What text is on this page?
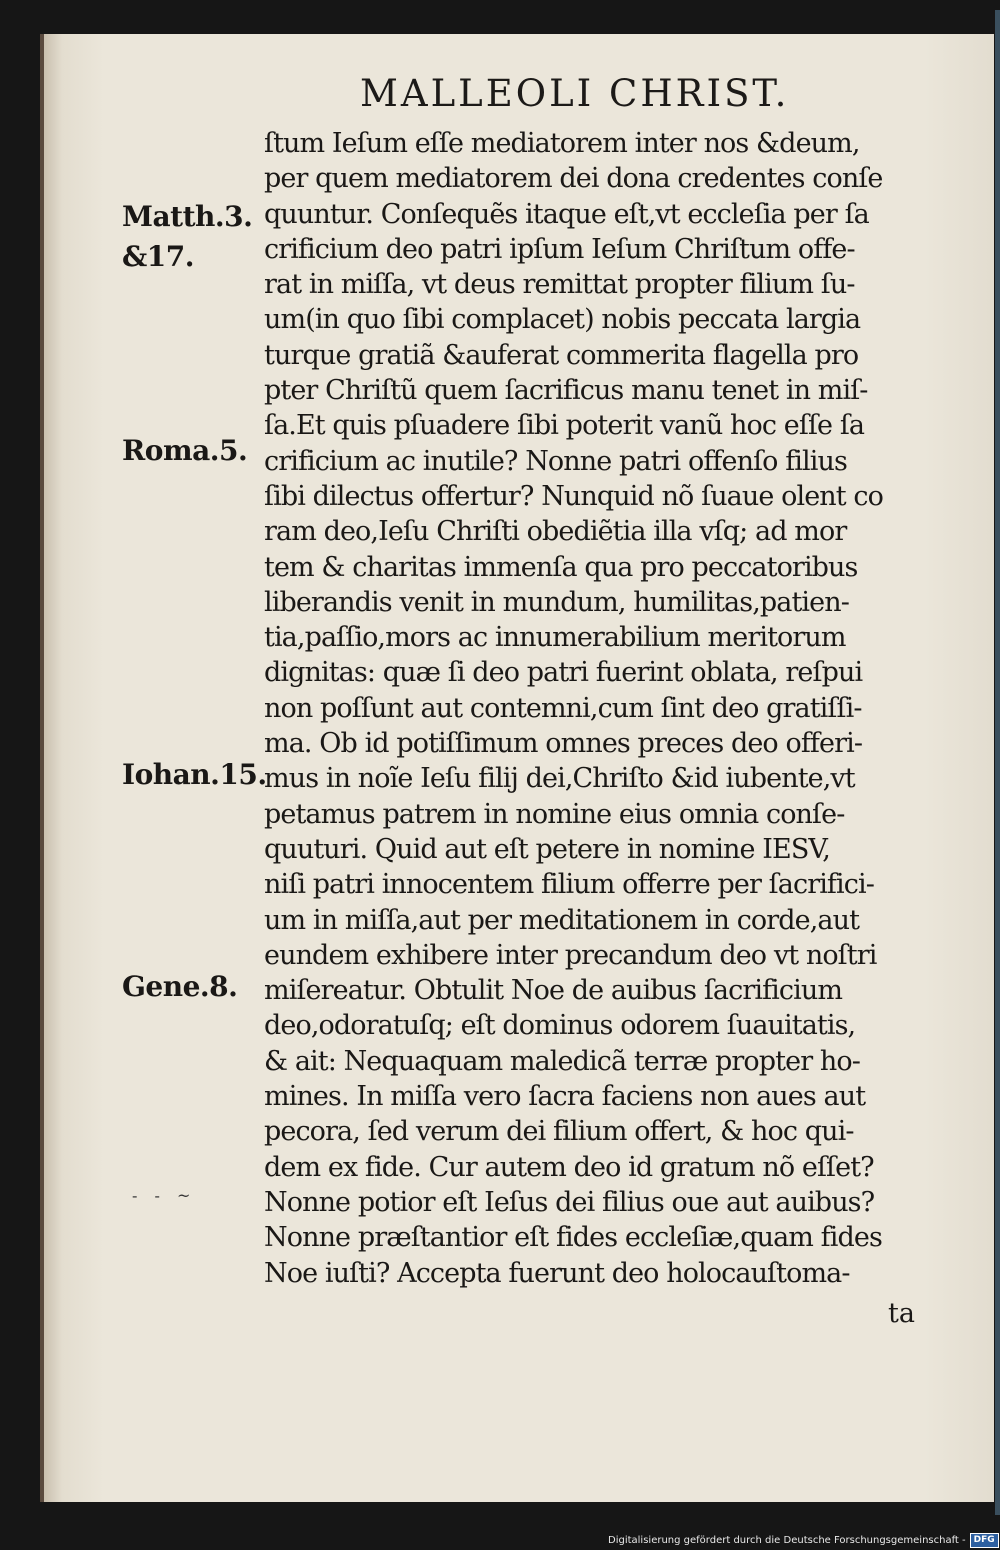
MALLEOLI CHRIST.
ſtum Ieſum eſſe mediatorem inter nos &deum,
per quem mediatorem dei dona credentes conſe
quuntur. Conſequẽs itaque eſt,vt eccleſia per ſa
crificium deo patri ipſum Ieſum Chriſtum offe-
rat in miſſa, vt deus remittat propter filium ſu-
um(in quo ſibi complacet) nobis peccata largia
turque gratiã &auferat commerita flagella pro
pter Chriſtũ quem ſacrificus manu tenet in miſ-
ſa.Et quis pſuadere ſibi poterit vanũ hoc eſſe ſa
crificium ac inutile? Nonne patri offenſo filius
ſibi dilectus offertur? Nunquid nõ ſuaue olent co
ram deo,Ieſu Chriſti obediẽtia illa vſq; ad mor
tem & charitas immenſa qua pro peccatoribus
liberandis venit in mundum, humilitas,patien-
tia,paſſio,mors ac innumerabilium meritorum
dignitas: quæ ſi deo patri fuerint oblata, reſpui
non poſſunt aut contemni,cum ſint deo gratiſſi-
ma. Ob id potiſſimum omnes preces deo offeri-
mus in noĩe Ieſu filij dei,Chriſto &id iubente,vt
petamus patrem in nomine eius omnia conſe-
quuturi. Quid aut eſt petere in nomine IESV,
niſi patri innocentem filium offerre per ſacrifici-
um in miſſa,aut per meditationem in corde,aut
eundem exhibere inter precandum deo vt noſtri
miſereatur. Obtulit Noe de auibus ſacrificium
deo,odoratuſq; eſt dominus odorem ſuauitatis,
& ait: Nequaquam maledicã terræ propter ho-
mines. In miſſa vero ſacra faciens non aues aut
pecora, ſed verum dei filium offert, & hoc qui-
dem ex fide. Cur autem deo id gratum nõ eſſet?
Nonne potior eſt Ieſus dei filius oue aut auibus?
Nonne præſtantior eſt fides eccleſiæ,quam fides
Noe iuſti? Accepta fuerunt deo holocauſtoma-
ta
Matth.3.
&17.
Roma.5.
Iohan.15.
Gene.8.
- - ~
Digitalisierung gefördert durch die Deutsche Forschungsgemeinschaft - DFG
